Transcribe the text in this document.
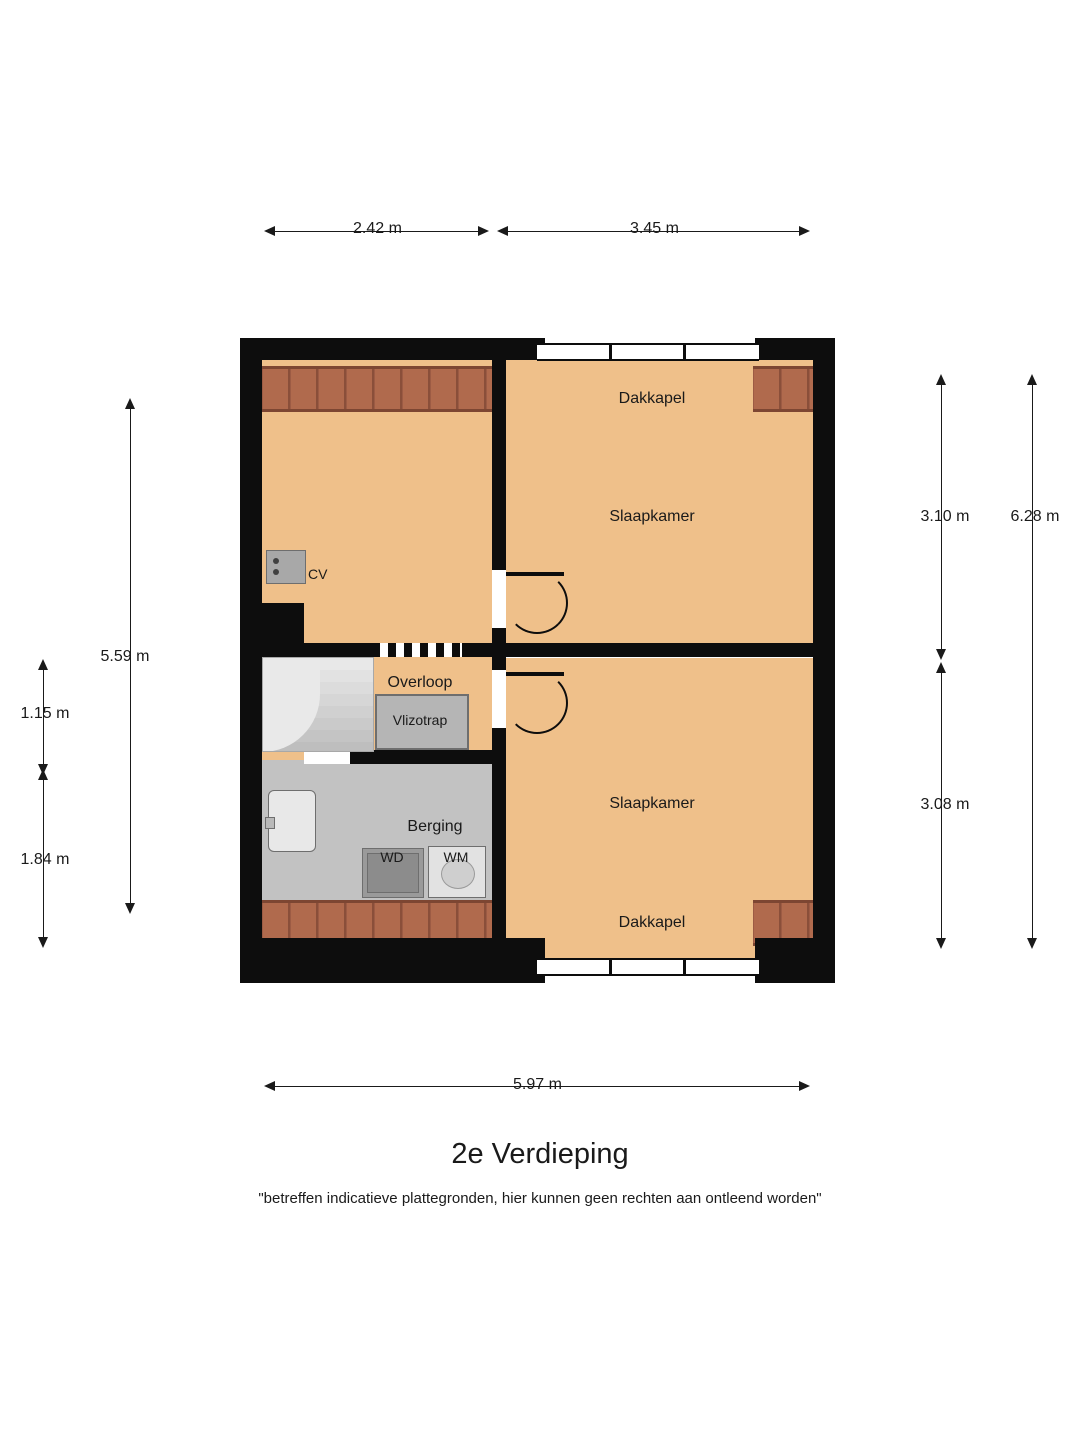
2.42 m	3.45 m
5.59 m
1.15 m
1.84 m
3.10 m
3.08 m
6.28 m
5.97 m
Dakkapel
Slaapkamer
Slaapkamer
Dakkapel
Overloop
Berging
Vlizotrap
CV
WD	WM
2e Verdieping
"betreffen indicatieve plattegronden, hier kunnen geen rechten aan ontleend worden"
